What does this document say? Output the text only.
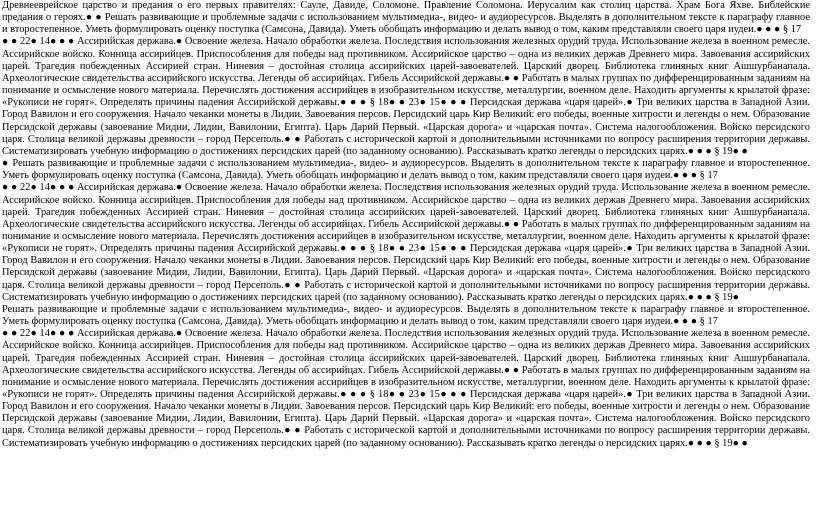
Древнееврейское царство и предания о его первых правителях: Сауле, Давиде, Соломоне. Правление Соломона. Иерусалим как столиц царства. Храм Бога Яхве. Библейские предания о героях.● ● Решать развивающие и проблемные задачи с использованием мультимедиа-, видео- и аудиоресурсов. Выделять в дополнительном тексте к параграфу главное и второстепенное. Уметь формулировать оценку поступка (Самсона, Давида). Уметь обобщать информацию и делать вывод о том, каким представляли своего царя иудеи.● ● ● § 17

● ● 22● 14● ● ● Ассирийская держава.● Освоение железа. Начало обработки железа. Последствия использования железных орудий труда. Использование железа в военном ремесле. Ассирийское войско. Конница ассирийцев. Приспособления для победы над противником. Ассирийское царство – одна из великих держав Древнего мира. Завоевания ассирийских царей. Трагедия побежденных Ассирией стран. Ниневия – достойная столица ассирийских царей-завоевателей. Царский дворец. Библиотека глиняных книг Ашшурбанапала. Археологические свидетельства ассирийского искусства. Легенды об ассирийцах. Гибель Ассирийской державы.● ● Работать в малых группах по дифференцированным заданиям на понимание и осмысление нового материала. Перечислять достижения ассирийцев в изобразительном искусстве, металлургии, военном деле. Находить аргументы к крылатой фразе: «Рукописи не горят». Определять причины падения Ассирийской державы.● ● ● § 18● ● 23● 15● ● ● Персидская держава «царя царей».● Три великих царства в Западной Азии. Город Вавилон и его сооружения. Начало чеканки монеты в Лидии. Завоевания персов. Персидский царь Кир Великий: его победы, военные хитрости и легенды о нем. Образование Персидской державы (завоевание Мидии, Лидии, Вавилонии, Египта). Царь Дарий Первый. «Царская дорога» и «царская почта». Система налогообложения. Войско персидского царя. Столица великой державы древности – город Персеполь.● ● Работать с исторической картой и дополнительными источниками по вопросу расширения территории державы. Систематизировать учебную информацию о достижениях персидских царей (по заданному основанию). Рассказывать кратко легенды о персидских царях.● ● ● § 19● ●

● Решать развивающие и проблемные задачи с использованием мультимедиа-, видео- и аудиоресурсов. Выделять в дополнительном тексте к параграфу главное и второстепенное. Уметь формулировать оценку поступка (Самсона, Давида). Уметь обобщать информацию и делать вывод о том, каким представляли своего царя иудеи.● ● ● § 17

● ● 22● 14● ● ● Ассирийская держава.● Освоение железа. Начало обработки железа. Последствия использования железных орудий труда. Использование железа в военном ремесле. Ассирийское войско. Конница ассирийцев. Приспособления для победы над противником. Ассирийское царство – одна из великих держав Древнего мира. Завоевания ассирийских царей. Трагедия побежденных Ассирией стран. Ниневия – достойная столица ассирийских царей-завоевателей. Царский дворец. Библиотека глиняных книг Ашшурбанапала. Археологические свидетельства ассирийского искусства. Легенды об ассирийцах. Гибель Ассирийской державы.● ● Работать в малых группах по дифференцированным заданиям на понимание и осмысление нового материала. Перечислять достижения ассирийцев в изобразительном искусстве, металлургии, военном деле. Находить аргументы к крылатой фразе: «Рукописи не горят». Определять причины падения Ассирийской державы.● ● ● § 18● ● 23● 15● ● ● Персидская держава «царя царей».● Три великих царства в Западной Азии. Город Вавилон и его сооружения. Начало чеканки монеты в Лидии. Завоевания персов. Персидский царь Кир Великий: его победы, военные хитрости и легенды о нем. Образование Персидской державы (завоевание Мидии, Лидии, Вавилонии, Египта). Царь Дарий Первый. «Царская дорога» и «царская почта». Система налогообложения. Войско персидского царя. Столица великой державы древности – город Персеполь.● ● Работать с исторической картой и дополнительными источниками по вопросу расширения территории державы. Систематизировать учебную информацию о достижениях персидских царей (по заданному основанию). Рассказывать кратко легенды о персидских царях.● ● ● § 19●

Решать развивающие и проблемные задачи с использованием мультимедиа-, видео- и аудиоресурсов. Выделять в дополнительном тексте к параграфу главное и второстепенное. Уметь формулировать оценку поступка (Самсона, Давида). Уметь обобщать информацию и делать вывод о том, каким представляли своего царя иудеи.● ● ● § 17

● ● 22● 14● ● ● Ассирийская держава.● Освоение железа. Начало обработки железа. Последствия использования железных орудий труда. Использование железа в военном ремесле. Ассирийское войско. Конница ассирийцев. Приспособления для победы над противником. Ассирийское царство – одна из великих держав Древнего мира. Завоевания ассирийских царей. Трагедия побежденных Ассирией стран. Ниневия – достойная столица ассирийских царей-завоевателей. Царский дворец. Библиотека глиняных книг Ашшурбанапала. Археологические свидетельства ассирийского искусства. Легенды об ассирийцах. Гибель Ассирийской державы.● ● Работать в малых группах по дифференцированным заданиям на понимание и осмысление нового материала. Перечислять достижения ассирийцев в изобразительном искусстве, металлургии, военном деле. Находить аргументы к крылатой фразе: «Рукописи не горят». Определять причины падения Ассирийской державы.● ● ● § 18● ● 23● 15● ● ● Персидская держава «царя царей».● Три великих царства в Западной Азии. Город Вавилон и его сооружения. Начало чеканки монеты в Лидии. Завоевания персов. Персидский царь Кир Великий: его победы, военные хитрости и легенды о нем. Образование Персидской державы (завоевание Мидии, Лидии, Вавилонии, Египта). Царь Дарий Первый. «Царская дорога» и «царская почта». Система налогообложения. Войско персидского царя. Столица великой державы древности – город Персеполь.● ● Работать с исторической картой и дополнительными источниками по вопросу расширения территории державы. Систематизировать учебную информацию о достижениях персидских царей (по заданному основанию). Рассказывать кратко легенды о персидских царях.● ● ● § 19● ●
